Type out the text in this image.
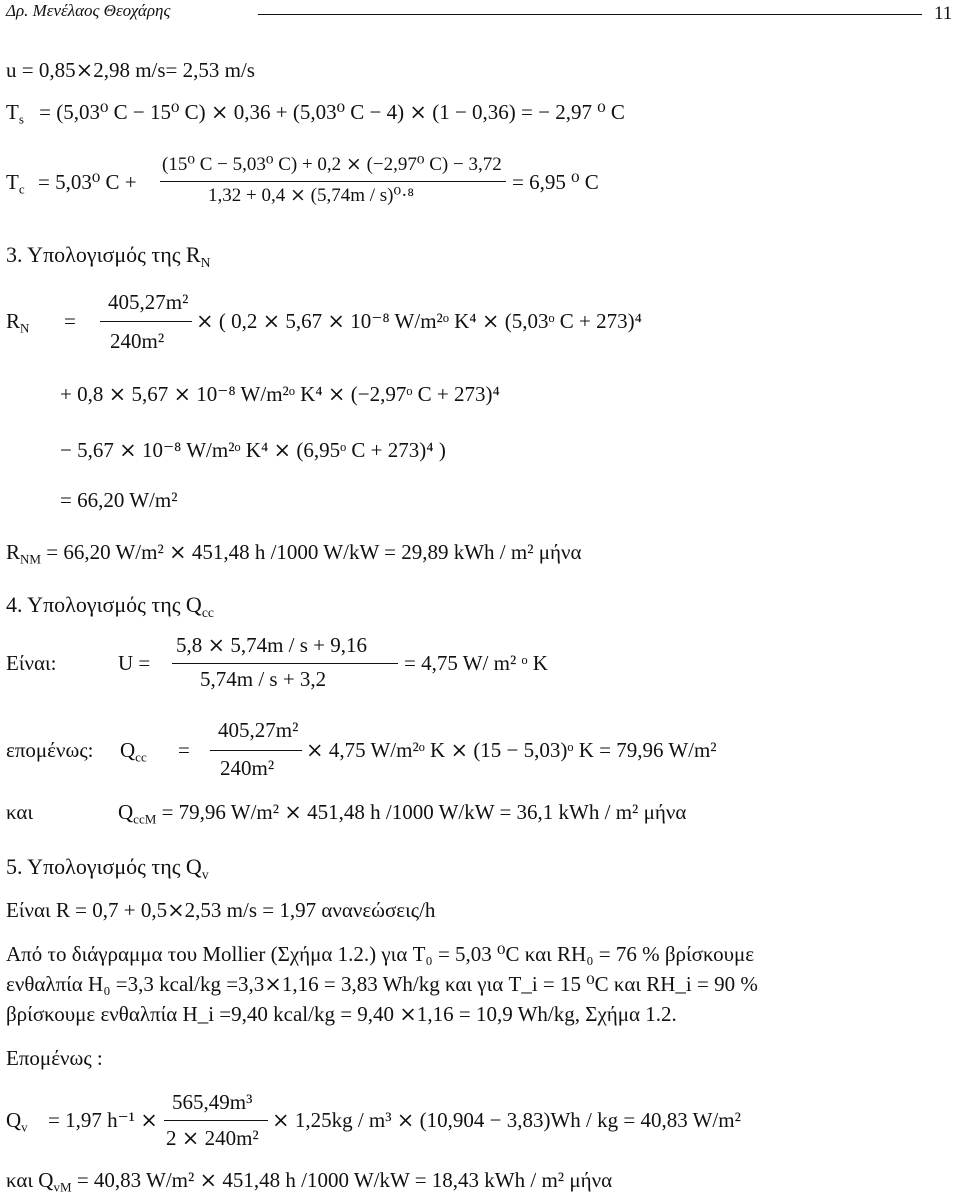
Δρ. Μενέλαος Θεοχάρης	11
u = 0,85⨯2,98 m/s= 2,53 m/s
$T_s = (5,03^0$ C − 15⁰ C) ⨯ 0,36 + (5,03⁰ C − 4) ⨯ (1 − 0,36) = − 2,97 ⁰ C
$T_c = 5,03^0$ C +
(15⁰ C − 5,03⁰ C) + 0,2 ⨯ (−2,97⁰ C) − 3,72
1,32 + 0,4 ⨯ (5,74m / s)⁰·⁸
= 6,95 ⁰ C
3. Υπολογισμός της $R_N$
$R_N$ =
405,27m²
240m²
⨯ ( 0,2 ⨯ 5,67 ⨯ 10⁻⁸ W/m²ᵒ K⁴ ⨯ (5,03ᵒ C + 273)⁴
+ 0,8 ⨯ 5,67 ⨯ 10⁻⁸ W/m²ᵒ K⁴ ⨯ (−2,97ᵒ C + 273)⁴
− 5,67 ⨯ 10⁻⁸ W/m²ᵒ K⁴ ⨯ (6,95ᵒ C + 273)⁴ )
= 66,20 W/m²
$R_{NM} = 66,20$ W/m² ⨯ 451,48 h /1000 W/kW = 29,89 kWh / m² μήνα
4. Υπολογισμός της $Q_{cc}$
Είναι:	U =
5,8 ⨯ 5,74m / s + 9,16
5,74m / s + 3,2
= 4,75 W/ m² ᵒ K
επομένως: $Q_{cc}$ =
405,27m²
240m²
⨯ 4,75 W/m²ᵒ K ⨯ (15 − 5,03)ᵒ K = 79,96 W/m²
και	$Q_{ccM} = 79,96$ W/m² ⨯ 451,48 h /1000 W/kW = 36,1 kWh / m² μήνα
5. Υπολογισμός της $Q_v$
Είναι R = 0,7 + 0,5⨯2,53 m/s = 1,97 ανανεώσεις/h
Από το διάγραμμα του Mollier (Σχήμα 1.2.) για T₀ = 5,03 ⁰C και RH₀ = 76 % βρίσκουμε
ενθαλπία H₀ =3,3 kcal/kg =3,3⨯1,16 = 3,83 Wh/kg και για T_i = 15 ⁰C και RH_i = 90 %
βρίσκουμε ενθαλπία H_i =9,40 kcal/kg = 9,40 ⨯1,16 = 10,9 Wh/kg, Σχήμα 1.2.
Επομένως :
$Q_v = 1,97$ h⁻¹ ⨯
565,49m³
2 ⨯ 240m²
⨯ 1,25kg / m³ ⨯ (10,904 − 3,83)Wh / kg = 40,83 W/m²
και $Q_{vM} = 40,83$ W/m² ⨯ 451,48 h /1000 W/kW = 18,43 kWh / m² μήνα
